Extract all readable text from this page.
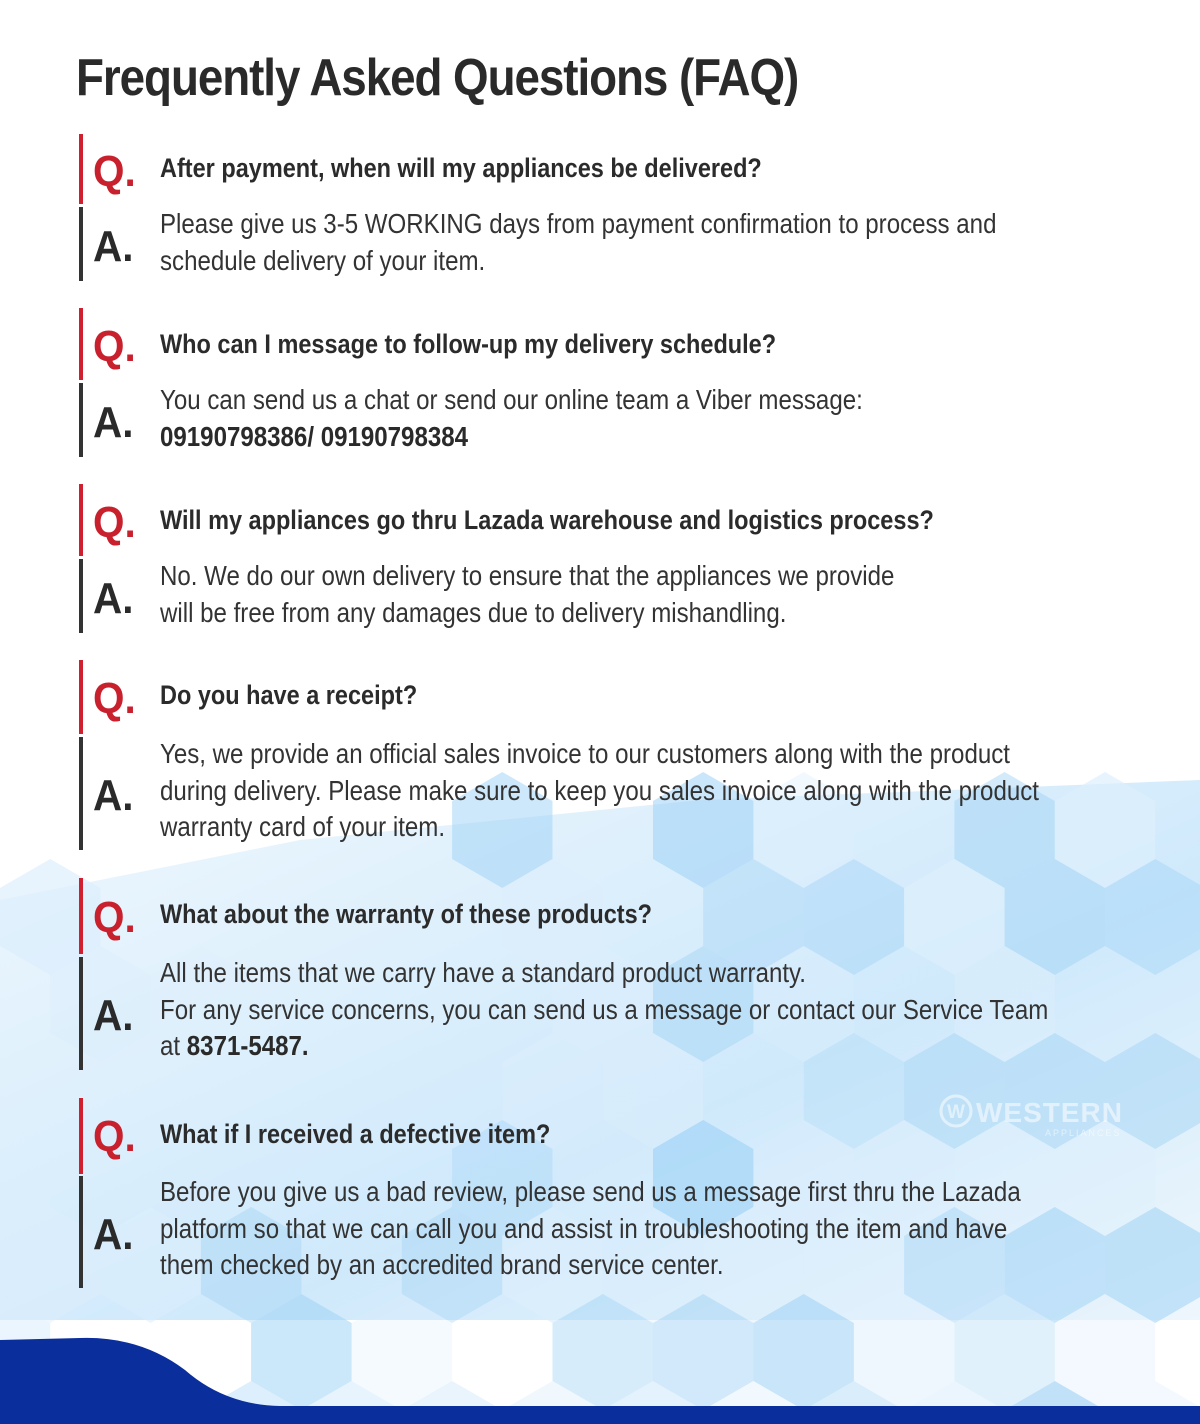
Frequently Asked Questions (FAQ)
Q. After payment, when will my appliances be delivered?
A. Please give us 3-5 WORKING days from payment confirmation to process and

schedule delivery of your item.

Q. Who can I message to follow-up my delivery schedule?
A. You can send us a chat or send our online team a Viber message:

09190798386/ 09190798384

Q. Will my appliances go thru Lazada warehouse and logistics process?
A. No. We do our own delivery to ensure that the appliances we provide

will be free from any damages due to delivery mishandling.

Q. Do you have a receipt?
A.

Yes, we provide an official sales invoice to our customers along with the product

during delivery. Please make sure to keep you sales invoice along with the product

warranty card of your item.

Q. What about the warranty of these products?
A.

All the items that we carry have a standard product warranty.

For any service concerns, you can send us a message or contact our Service Team

at 8371-5487.

Q. What if I received a defective item?
A.

Before you give us a bad review, please send us a message first thru the Lazada

platform so that we can call you and assist in troubleshooting the item and have

them checked by an accredited brand service center.

W WESTERN
APPLIANCES
